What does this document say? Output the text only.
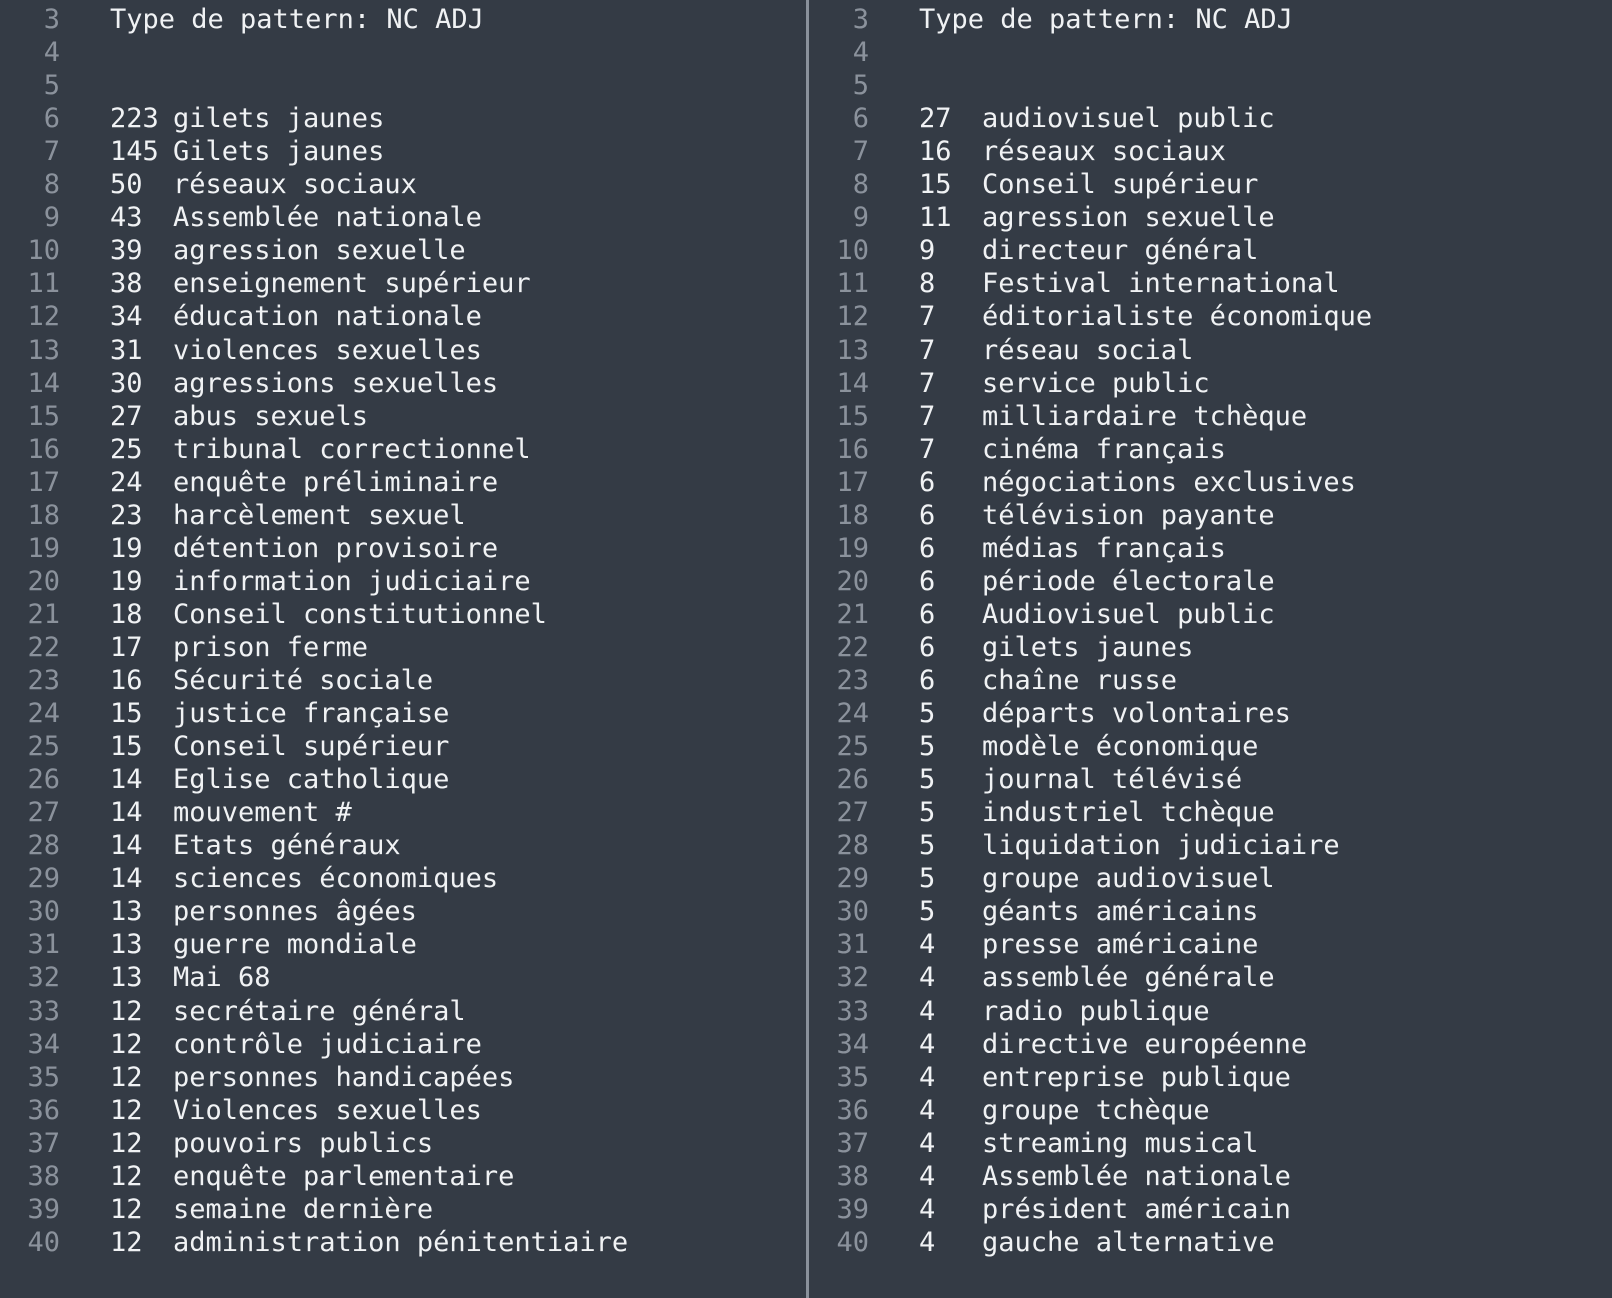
3 Type de pattern: NC ADJ
4
5
6 223 gilets jaunes
7 145 Gilets jaunes
8 50 réseaux sociaux
9 43 Assemblée nationale
10 39 agression sexuelle
11 38 enseignement supérieur
12 34 éducation nationale
13 31 violences sexuelles
14 30 agressions sexuelles
15 27 abus sexuels
16 25 tribunal correctionnel
17 24 enquête préliminaire
18 23 harcèlement sexuel
19 19 détention provisoire
20 19 information judiciaire
21 18 Conseil constitutionnel
22 17 prison ferme
23 16 Sécurité sociale
24 15 justice française
25 15 Conseil supérieur
26 14 Eglise catholique
27 14 mouvement #
28 14 Etats généraux
29 14 sciences économiques
30 13 personnes âgées
31 13 guerre mondiale
32 13 Mai 68
33 12 secrétaire général
34 12 contrôle judiciaire
35 12 personnes handicapées
36 12 Violences sexuelles
37 12 pouvoirs publics
38 12 enquête parlementaire
39 12 semaine dernière
40 12 administration pénitentiaire
3 Type de pattern: NC ADJ
4
5
6 27 audiovisuel public
7 16 réseaux sociaux
8 15 Conseil supérieur
9 11 agression sexuelle
10 9 directeur général
11 8 Festival international
12 7 éditorialiste économique
13 7 réseau social
14 7 service public
15 7 milliardaire tchèque
16 7 cinéma français
17 6 négociations exclusives
18 6 télévision payante
19 6 médias français
20 6 période électorale
21 6 Audiovisuel public
22 6 gilets jaunes
23 6 chaîne russe
24 5 départs volontaires
25 5 modèle économique
26 5 journal télévisé
27 5 industriel tchèque
28 5 liquidation judiciaire
29 5 groupe audiovisuel
30 5 géants américains
31 4 presse américaine
32 4 assemblée générale
33 4 radio publique
34 4 directive européenne
35 4 entreprise publique
36 4 groupe tchèque
37 4 streaming musical
38 4 Assemblée nationale
39 4 président américain
40 4 gauche alternative
